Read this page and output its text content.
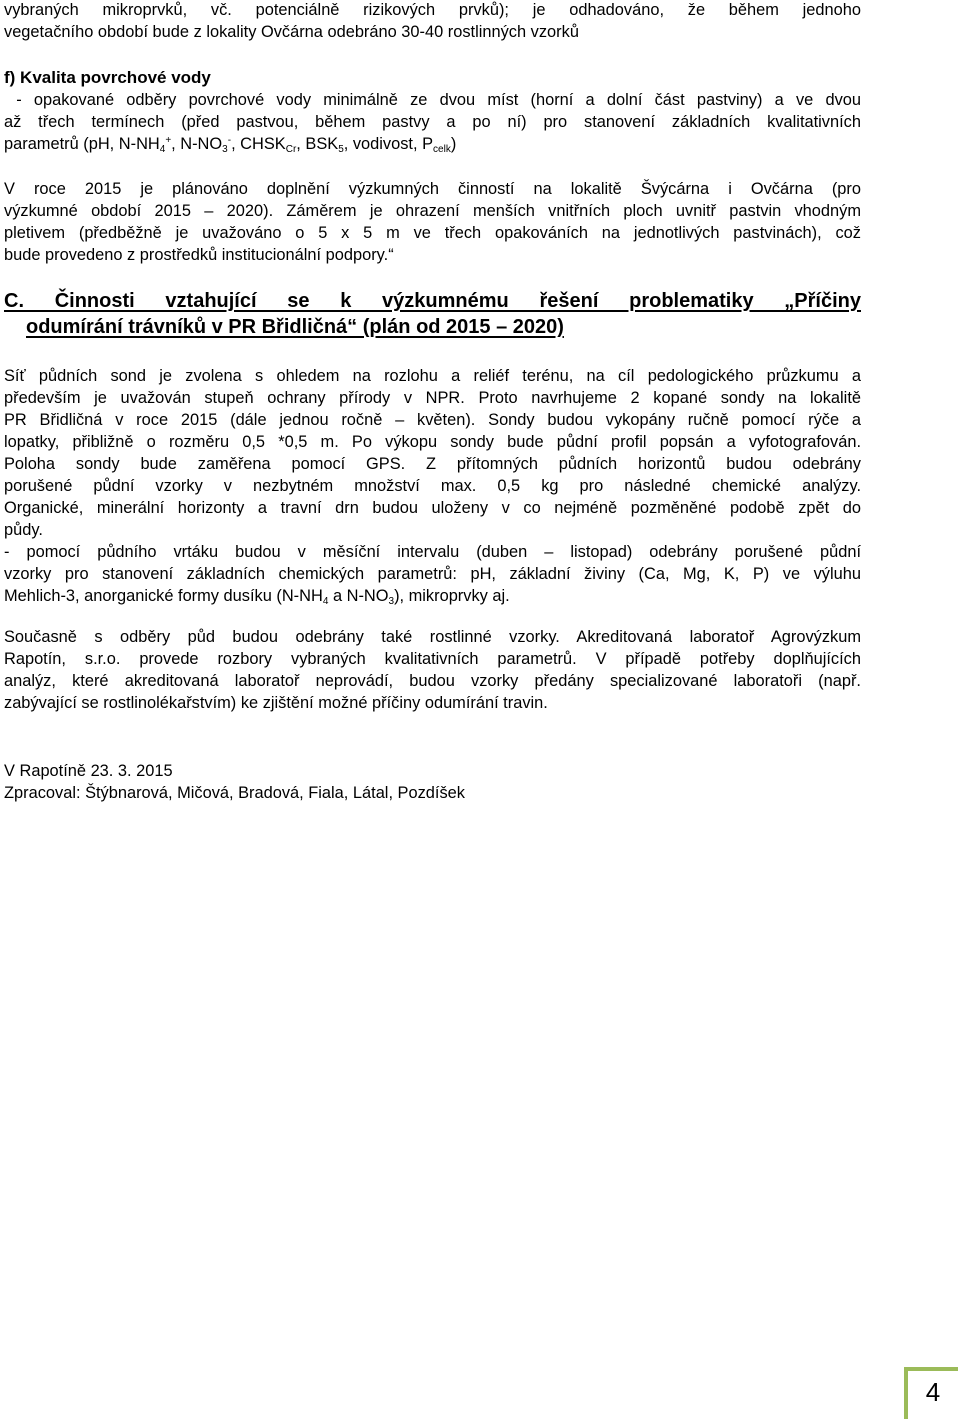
vybraných mikroprvků, vč. potenciálně rizikových prvků); je odhadováno, že během jednoho
vegetačního období bude z lokality Ovčárna odebráno 30-40 rostlinných vzorků

f) Kvalita povrchové vody
- opakované odběry povrchové vody minimálně ze dvou míst (horní a dolní část pastviny) a ve dvou
až třech termínech (před pastvou, během pastvy a po ní) pro stanovení základních kvalitativních
parametrů (pH, $N-NH_4^+$, $N-NO_3^-$, $CHSK_{Cr}$, $BSK_5$, vodivost, $P_{celk}$)

V roce 2015 je plánováno doplnění výzkumných činností na lokalitě Švýcárna i Ovčárna (pro
výzkumné období 2015 – 2020). Záměrem je ohrazení menších vnitřních ploch uvnitř pastvin vhodným
pletivem (předběžně je uvažováno o 5 x 5 m ve třech opakováních na jednotlivých pastvinách), což
bude provedeno z prostředků institucionální podpory.“

C. Činnosti vztahující se k výzkumnému řešení problematiky „Příčiny
odumírání trávníků v PR Břidličná“ (plán od 2015 – 2020)

Síť půdních sond je zvolena s ohledem na rozlohu a reliéf terénu, na cíl pedologického průzkumu a
především je uvažován stupeň ochrany přírody v NPR. Proto navrhujeme 2 kopané sondy na lokalitě
PR Břidličná v roce 2015 (dále jednou ročně – květen). Sondy budou vykopány ručně pomocí rýče a
lopatky, přibližně o rozměru 0,5 *0,5 m. Po výkopu sondy bude půdní profil popsán a vyfotografován.
Poloha sondy bude zaměřena pomocí GPS. Z přítomných půdních horizontů budou odebrány
porušené půdní vzorky v nezbytném množství max. 0,5 kg pro následné chemické analýzy.
Organické, minerální horizonty a travní drn budou uloženy v co nejméně pozměněné podobě zpět do
půdy.
- pomocí půdního vrtáku budou v měsíční intervalu (duben – listopad) odebrány porušené půdní
vzorky pro stanovení základních chemických parametrů: pH, základní živiny (Ca, Mg, K, P) ve výluhu
Mehlich-3, anorganické formy dusíku ($N-NH_4$ a $N-NO_3$), mikroprvky aj.

Současně s odběry půd budou odebrány také rostlinné vzorky. Akreditovaná laboratoř Agrovýzkum
Rapotín, s.r.o. provede rozbory vybraných kvalitativních parametrů. V případě potřeby doplňujících
analýz, které akreditovaná laboratoř neprovádí, budou vzorky předány specializované laboratoři (např.
zabývající se rostlinolékařstvím) ke zjištění možné příčiny odumírání travin.

V Rapotíně 23. 3. 2015
Zpracoval: Štýbnarová, Mičová, Bradová, Fiala, Látal, Pozdíšek

4
